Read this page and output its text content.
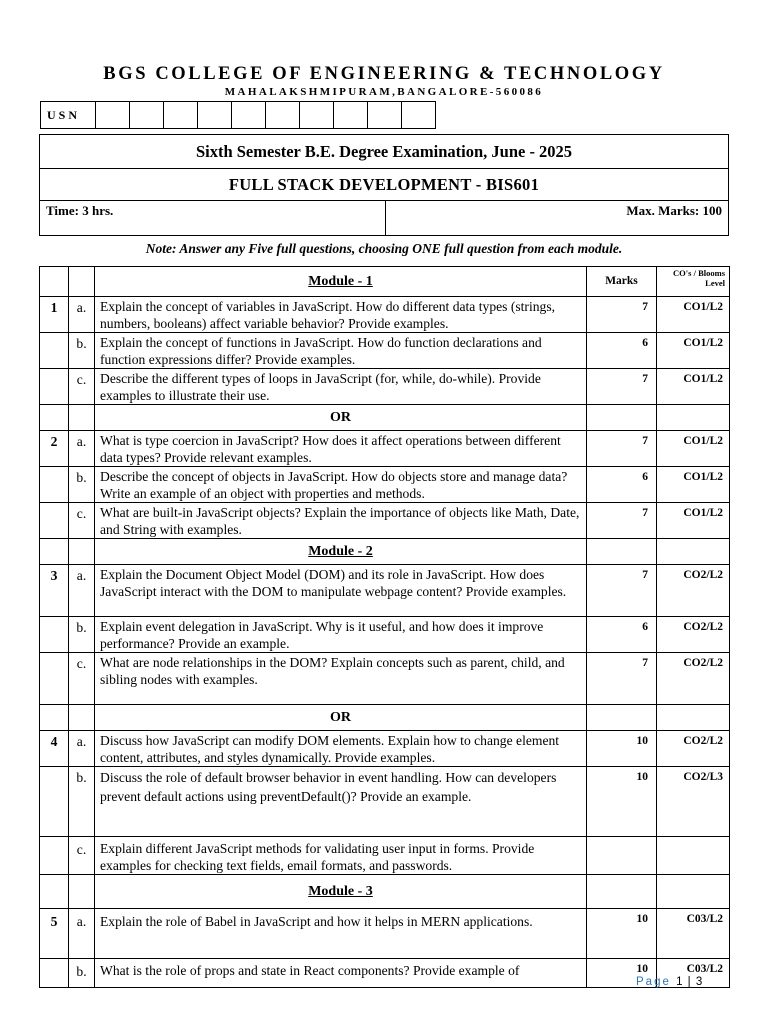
BGS COLLEGE OF ENGINEERING & TECHNOLOGY
MAHALAKSHMIPURAM,BANGALORE-560086
USN										
Sixth Semester B.E. Degree Examination, June - 2025
FULL STACK DEVELOPMENT - BIS601
Time: 3 hrs.	Max. Marks: 100
Note: Answer any Five full questions, choosing ONE full question from each module.
		Module - 1	Marks	CO's / Blooms Level
1	a.	Explain the concept of variables in JavaScript. How do different data types (strings, numbers, booleans) affect variable behavior? Provide examples.	7	CO1/L2
	b.	Explain the concept of functions in JavaScript. How do function declarations and function expressions differ? Provide examples.	6	CO1/L2
	c.	Describe the different types of loops in JavaScript (for, while, do-while). Provide examples to illustrate their use.	7	CO1/L2
		OR		
2	a.	What is type coercion in JavaScript? How does it affect operations between different data types? Provide relevant examples.	7	CO1/L2
	b.	Describe the concept of objects in JavaScript. How do objects store and manage data? Write an example of an object with properties and methods.	6	CO1/L2
	c.	What are built-in JavaScript objects? Explain the importance of objects like Math, Date, and String with examples.	7	CO1/L2
		Module - 2		
3	a.	Explain the Document Object Model (DOM) and its role in JavaScript. How does JavaScript interact with the DOM to manipulate webpage content? Provide examples.	7	CO2/L2
	b.	Explain event delegation in JavaScript. Why is it useful, and how does it improve performance? Provide an example.	6	CO2/L2
	c.	What are node relationships in the DOM? Explain concepts such as parent, child, and sibling nodes with examples.	7	CO2/L2
		OR		
4	a.	Discuss how JavaScript can modify DOM elements. Explain how to change element content, attributes, and styles dynamically. Provide examples.	10	CO2/L2
	b.	Discuss the role of default browser behavior in event handling. How can developers prevent default actions using preventDefault()? Provide an example.	10	CO2/L3
	c.	Explain different JavaScript methods for validating user input in forms. Provide examples for checking text fields, email formats, and passwords.		
		Module - 3		
5	a.	Explain the role of Babel in JavaScript and how it helps in MERN applications.	10	C03/L2
	b.	What is the role of props and state in React components? Provide example of	10	C03/L2
Page 1 | 3
